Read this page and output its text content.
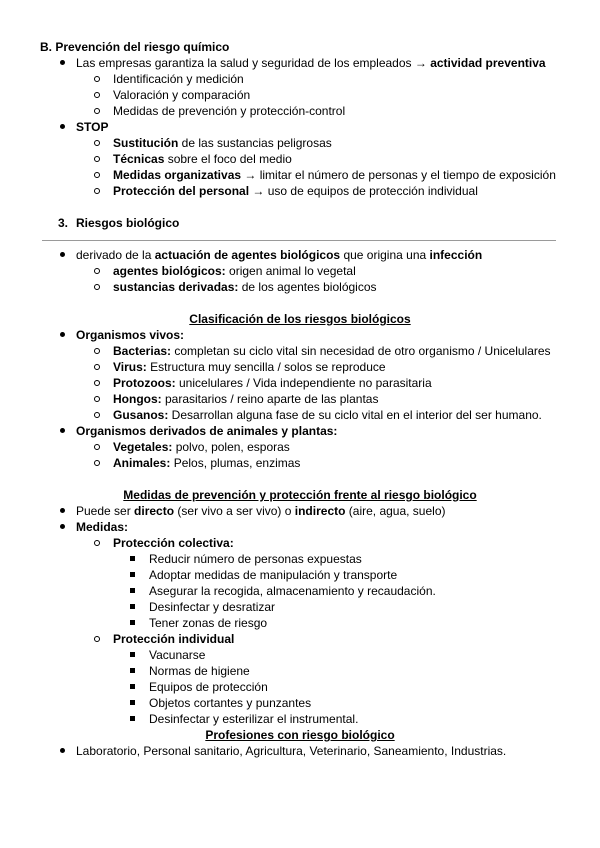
B. Prevención del riesgo químico
Las empresas garantiza la salud y seguridad de los empleados → actividad preventiva
Identificación y medición
Valoración y comparación
Medidas de prevención y protección-control
STOP
Sustitución de las sustancias peligrosas
Técnicas sobre el foco del medio
Medidas organizativas → limitar el número de personas y el tiempo de exposición
Protección del personal → uso de equipos de protección individual
3. Riesgos biológico
derivado de la actuación de agentes biológicos que origina una infección
agentes biológicos: origen animal lo vegetal
sustancias derivadas: de los agentes biológicos
Clasificación de los riesgos biológicos
Organismos vivos:
Bacterias: completan su ciclo vital sin necesidad de otro organismo / Unicelulares
Virus: Estructura muy sencilla / solos se reproduce
Protozoos: unicelulares / Vida independiente no parasitaria
Hongos: parasitarios / reino aparte de las plantas
Gusanos: Desarrollan alguna fase de su ciclo vital en el interior del ser humano.
Organismos derivados de animales y plantas:
Vegetales: polvo, polen, esporas
Animales: Pelos, plumas, enzimas
Medidas de prevención y protección frente al riesgo biológico
Puede ser directo (ser vivo a ser vivo) o indirecto (aire, agua, suelo)
Medidas:
Protección colectiva:
Reducir número de personas expuestas
Adoptar medidas de manipulación y transporte
Asegurar la recogida, almacenamiento y recaudación.
Desinfectar y desratizar
Tener zonas de riesgo
Protección individual
Vacunarse
Normas de higiene
Equipos de protección
Objetos cortantes y punzantes
Desinfectar y esterilizar el instrumental.
Profesiones con riesgo biológico
Laboratorio, Personal sanitario, Agricultura, Veterinario, Saneamiento, Industrias.
